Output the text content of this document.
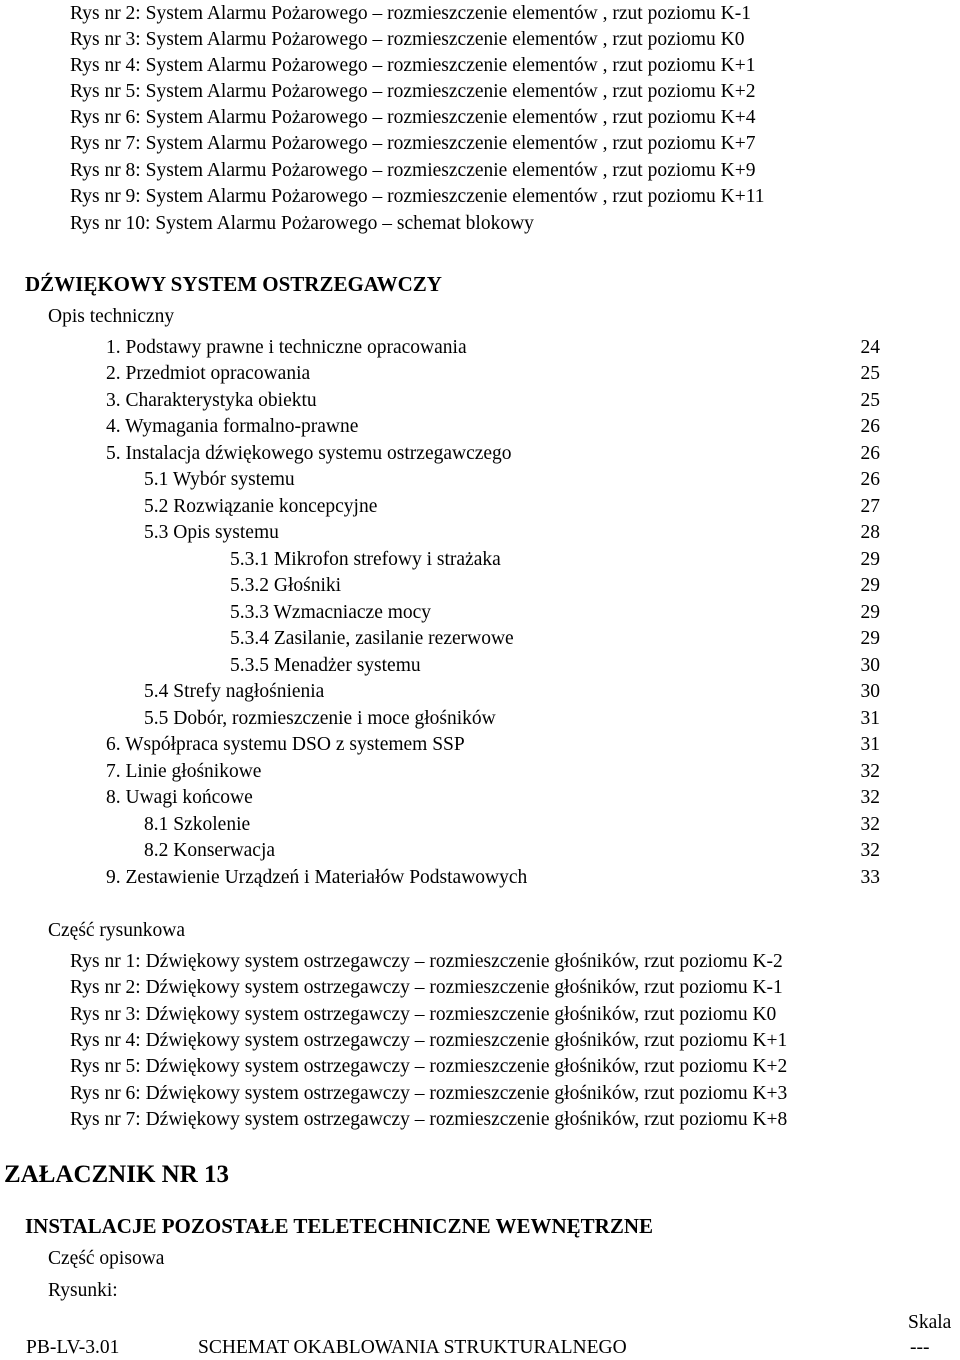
Rys nr 2: System Alarmu Pożarowego – rozmieszczenie elementów , rzut poziomu K-1
Rys nr 3: System Alarmu Pożarowego – rozmieszczenie elementów , rzut poziomu K0
Rys nr 4: System Alarmu Pożarowego – rozmieszczenie elementów , rzut poziomu K+1
Rys nr 5: System Alarmu Pożarowego – rozmieszczenie elementów , rzut poziomu K+2
Rys nr 6: System Alarmu Pożarowego – rozmieszczenie elementów , rzut poziomu K+4
Rys nr 7: System Alarmu Pożarowego – rozmieszczenie elementów , rzut poziomu K+7
Rys nr 8: System Alarmu Pożarowego – rozmieszczenie elementów , rzut poziomu K+9
Rys nr 9: System Alarmu Pożarowego – rozmieszczenie elementów , rzut poziomu K+11
Rys nr 10: System Alarmu Pożarowego – schemat blokowy
DŹWIĘKOWY SYSTEM OSTRZEGAWCZY
Opis techniczny
1. Podstawy prawne i techniczne opracowania	24
2. Przedmiot opracowania	25
3. Charakterystyka obiektu	25
4. Wymagania formalno-prawne	26
5. Instalacja dźwiękowego systemu ostrzegawczego	26
5.1 Wybór systemu	26
5.2 Rozwiązanie koncepcyjne	27
5.3 Opis systemu	28
5.3.1 Mikrofon strefowy i strażaka	29
5.3.2 Głośniki	29
5.3.3 Wzmacniacze mocy	29
5.3.4 Zasilanie, zasilanie rezerwowe	29
5.3.5 Menadżer systemu	30
5.4 Strefy nagłośnienia	30
5.5 Dobór, rozmieszczenie i moce głośników	31
6. Współpraca systemu DSO z systemem SSP	31
7. Linie głośnikowe	32
8. Uwagi końcowe	32
8.1 Szkolenie	32
8.2 Konserwacja	32
9. Zestawienie Urządzeń i Materiałów Podstawowych	33
Część rysunkowa
Rys nr 1: Dźwiękowy system ostrzegawczy – rozmieszczenie głośników, rzut poziomu K-2
Rys nr 2: Dźwiękowy system ostrzegawczy – rozmieszczenie głośników, rzut poziomu K-1
Rys nr 3: Dźwiękowy system ostrzegawczy – rozmieszczenie głośników, rzut poziomu K0
Rys nr 4: Dźwiękowy system ostrzegawczy – rozmieszczenie głośników, rzut poziomu K+1
Rys nr 5: Dźwiękowy system ostrzegawczy – rozmieszczenie głośników, rzut poziomu K+2
Rys nr 6: Dźwiękowy system ostrzegawczy – rozmieszczenie głośników, rzut poziomu K+3
Rys nr 7: Dźwiękowy system ostrzegawczy – rozmieszczenie głośników, rzut poziomu K+8
ZAŁACZNIK NR 13
INSTALACJE POZOSTAŁE TELETECHNICZNE WEWNĘTRZNE
Część opisowa
Rysunki:
Skala
PB-LV-3.01	SCHEMAT OKABLOWANIA STRUKTURALNEGO	---
